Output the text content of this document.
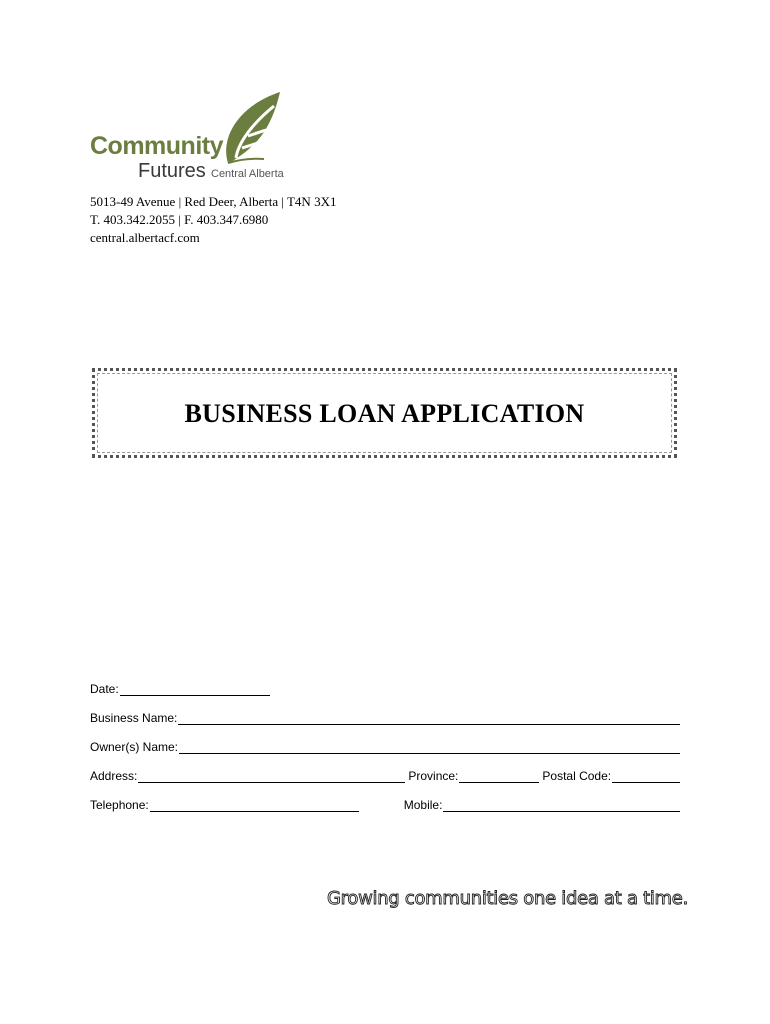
Community
Futures Central Alberta
5013-49 Avenue | Red Deer, Alberta | T4N 3X1
T. 403.342.2055 | F. 403.347.6980
central.albertacf.com
BUSINESS LOAN APPLICATION
Date:
Business Name:
Owner(s) Name:
Address:	Province:	Postal Code:
Telephone:	Mobile:
Growing communities one idea at a time.
